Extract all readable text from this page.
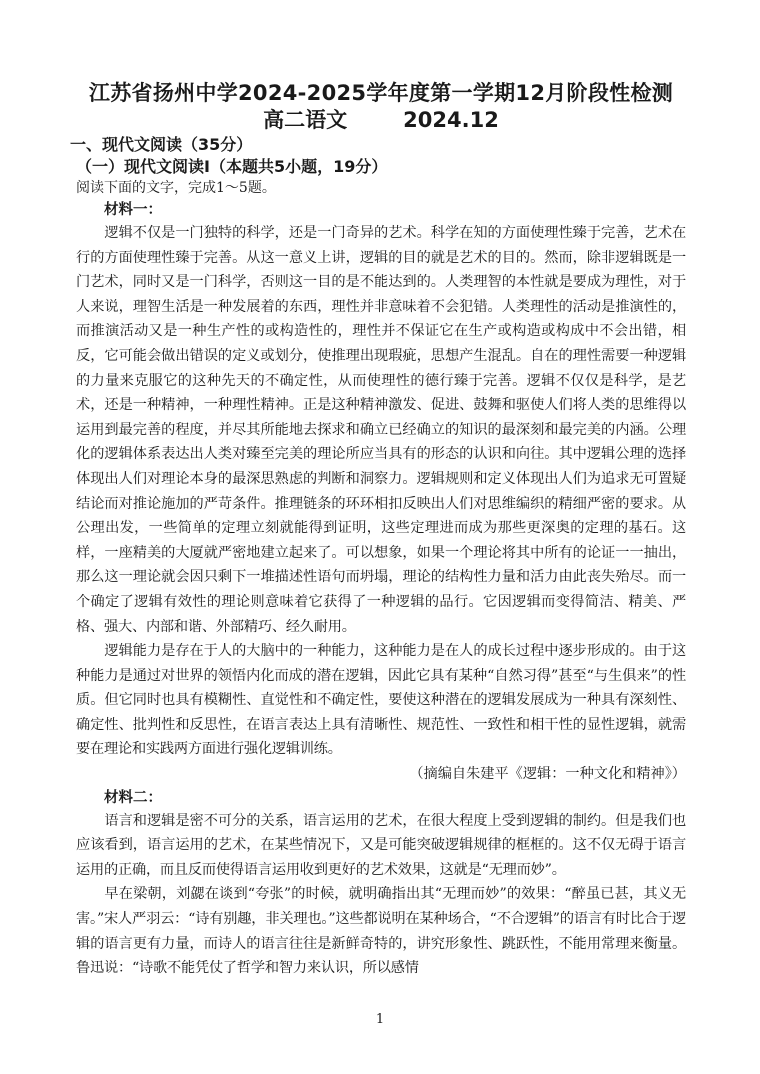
江苏省扬州中学2024-2025学年度第一学期12月阶段性检测
高二语文	2024.12
一、现代文阅读（35分）
（一）现代文阅读Ⅰ（本题共5小题，19分）
阅读下面的文字，完成1～5题。
材料一：

逻辑不仅是一门独特的科学，还是一门奇异的艺术。科学在知的方面使理性臻于完善，艺术在行的方面使理性臻于完善。从这一意义上讲，逻辑的目的就是艺术的目的。然而，除非逻辑既是一门艺术，同时又是一门科学，否则这一目的是不能达到的。人类理智的本性就是要成为理性，对于人来说，理智生活是一种发展着的东西，理性并非意味着不会犯错。人类理性的活动是推演性的，而推演活动又是一种生产性的或构造性的，理性并不保证它在生产或构造或构成中不会出错，相反，它可能会做出错误的定义或划分，使推理出现瑕疵，思想产生混乱。自在的理性需要一种逻辑的力量来克服它的这种先天的不确定性，从而使理性的德行臻于完善。逻辑不仅仅是科学，是艺术，还是一种精神，一种理性精神。正是这种精神激发、促进、鼓舞和驱使人们将人类的思维得以运用到最完善的程度，并尽其所能地去探求和确立已经确立的知识的最深刻和最完美的内涵。公理化的逻辑体系表达出人类对臻至完美的理论所应当具有的形态的认识和向往。其中逻辑公理的选择体现出人们对理论本身的最深思熟虑的判断和洞察力。逻辑规则和定义体现出人们为追求无可置疑结论而对推论施加的严苛条件。推理链条的环环相扣反映出人们对思维编织的精细严密的要求。从公理出发，一些简单的定理立刻就能得到证明，这些定理进而成为那些更深奥的定理的基石。这样，一座精美的大厦就严密地建立起来了。可以想象，如果一个理论将其中所有的论证一一抽出，那么这一理论就会因只剩下一堆描述性语句而坍塌，理论的结构性力量和活力由此丧失殆尽。而一个确定了逻辑有效性的理论则意味着它获得了一种逻辑的品行。它因逻辑而变得简洁、精美、严格、强大、内部和谐、外部精巧、经久耐用。

逻辑能力是存在于人的大脑中的一种能力，这种能力是在人的成长过程中逐步形成的。由于这种能力是通过对世界的领悟内化而成的潜在逻辑，因此它具有某种“自然习得”甚至“与生俱来”的性质。但它同时也具有模糊性、直觉性和不确定性，要使这种潜在的逻辑发展成为一种具有深刻性、确定性、批判性和反思性，在语言表达上具有清晰性、规范性、一致性和相干性的显性逻辑，就需要在理论和实践两方面进行强化逻辑训练。

（摘编自朱建平《逻辑：一种文化和精神》）

材料二：

语言和逻辑是密不可分的关系，语言运用的艺术，在很大程度上受到逻辑的制约。但是我们也应该看到，语言运用的艺术，在某些情况下，又是可能突破逻辑规律的框框的。这不仅无碍于语言运用的正确，而且反而使得语言运用收到更好的艺术效果，这就是“无理而妙”。

早在梁朝，刘勰在谈到“夸张”的时候，就明确指出其“无理而妙”的效果：“醉虽已甚，其义无害。”宋人严羽云：“诗有别趣，非关理也。”这些都说明在某种场合，“不合逻辑”的语言有时比合于逻辑的语言更有力量，而诗人的语言往往是新鲜奇特的，讲究形象性、跳跃性，不能用常理来衡量。鲁迅说：“诗歌不能凭仗了哲学和智力来认识，所以感情

1
